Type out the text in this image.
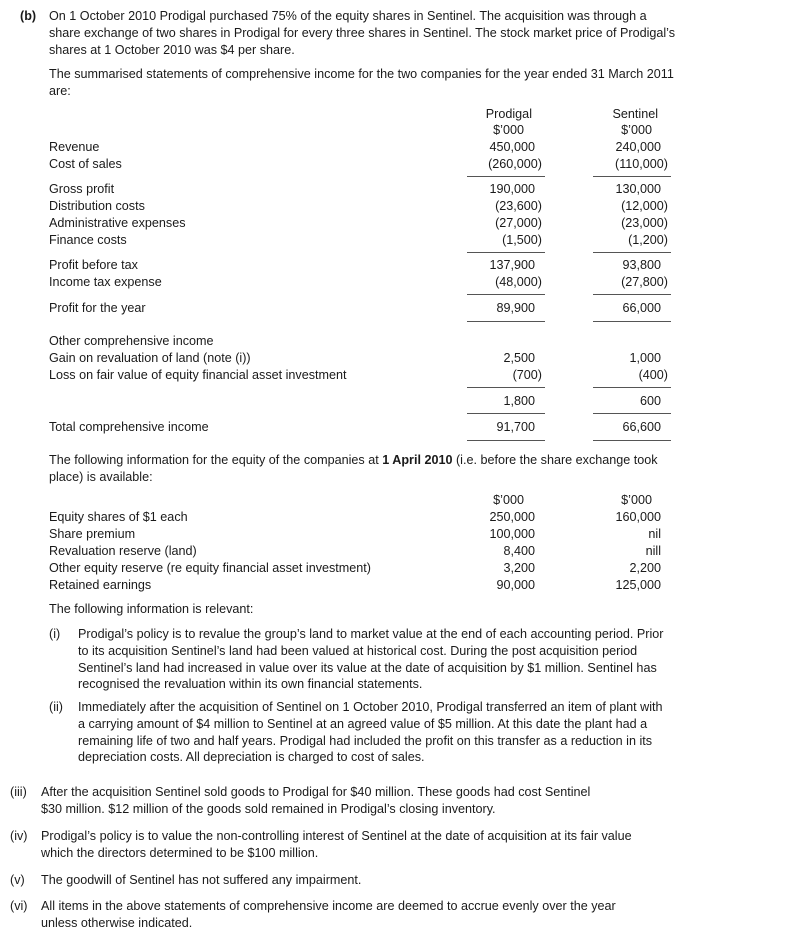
(b) On 1 October 2010 Prodigal purchased 75% of the equity shares in Sentinel. The acquisition was through a
share exchange of two shares in Prodigal for every three shares in Sentinel. The stock market price of Prodigal’s
shares at 1 October 2010 was $4 per share.
The summarised statements of comprehensive income for the two companies for the year ended 31 March 2011
are:
Prodigal	Sentinel
$’000	$’000
Revenue	450,000	240,000
Cost of sales	(260,000)	(110,000)
Gross profit	190,000	130,000
Distribution costs	(23,600)	(12,000)
Administrative expenses	(27,000)	(23,000)
Finance costs	(1,500)	(1,200)
Profit before tax	137,900	93,800
Income tax expense	(48,000)	(27,800)
Profit for the year	89,900	66,000
Other comprehensive income
Gain on revaluation of land (note (i))	2,500	1,000
Loss on fair value of equity financial asset investment	(700)	(400)
1,800	600
Total comprehensive income	91,700	66,600
The following information for the equity of the companies at 1 April 2010 (i.e. before the share exchange took
place) is available:
$’000	$’000
Equity shares of $1 each	250,000	160,000
Share premium	100,000	nil
Revaluation reserve (land)	8,400	nill
Other equity reserve (re equity financial asset investment)	3,200	2,200
Retained earnings	90,000	125,000
The following information is relevant:
(i) Prodigal’s policy is to revalue the group’s land to market value at the end of each accounting period. Prior
to its acquisition Sentinel’s land had been valued at historical cost. During the post acquisition period
Sentinel’s land had increased in value over its value at the date of acquisition by $1 million. Sentinel has
recognised the revaluation within its own financial statements.
(ii) Immediately after the acquisition of Sentinel on 1 October 2010, Prodigal transferred an item of plant with
a carrying amount of $4 million to Sentinel at an agreed value of $5 million. At this date the plant had a
remaining life of two and half years. Prodigal had included the profit on this transfer as a reduction in its
depreciation costs. All depreciation is charged to cost of sales.
(iii) After the acquisition Sentinel sold goods to Prodigal for $40 million. These goods had cost Sentinel
$30 million. $12 million of the goods sold remained in Prodigal’s closing inventory.
(iv) Prodigal’s policy is to value the non-controlling interest of Sentinel at the date of acquisition at its fair value
which the directors determined to be $100 million.
(v) The goodwill of Sentinel has not suffered any impairment.
(vi) All items in the above statements of comprehensive income are deemed to accrue evenly over the year
unless otherwise indicated.
